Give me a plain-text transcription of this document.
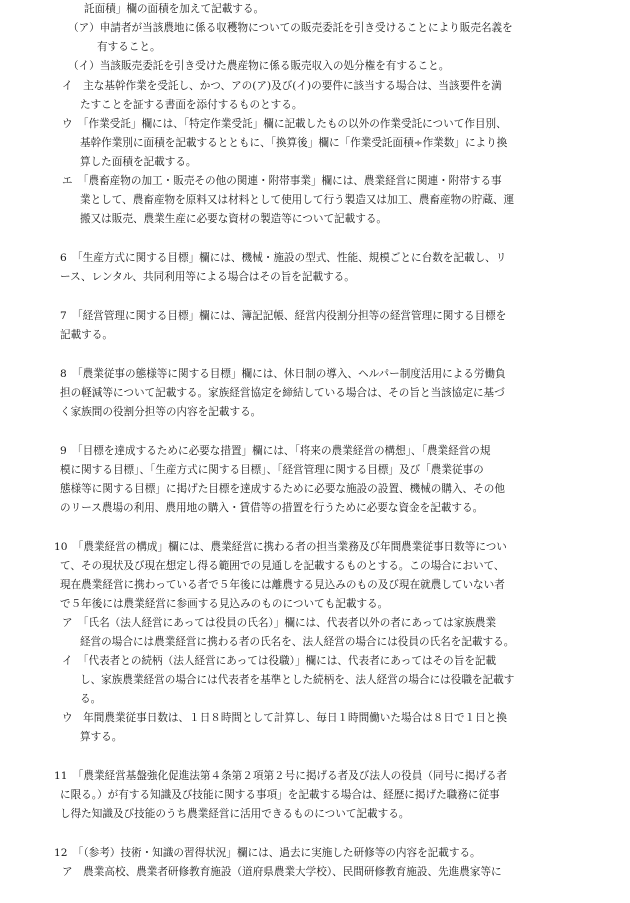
託面積」欄の面積を加えて記載する。
（ア）申請者が当該農地に係る収穫物についての販売委託を引き受けることにより販売名義を
有すること。
（イ）当該販売委託を引き受けた農産物に係る販売収入の処分権を有すること。
イ　主な基幹作業を受託し、かつ、アの(ア)及び(イ)の要件に該当する場合は、当該要件を満
たすことを証する書面を添付するものとする。
ウ　「作業受託」欄には、「特定作業受託」欄に記載したもの以外の作業受託について作目別、
基幹作業別に面積を記載するとともに、「換算後」欄に「作業受託面積÷作業数」により換
算した面積を記載する。
エ　「農畜産物の加工・販売その他の関連・附帯事業」欄には、農業経営に関連・附帯する事
業として、農畜産物を原料又は材料として使用して行う製造又は加工、農畜産物の貯蔵、運
搬又は販売、農業生産に必要な資材の製造等について記載する。
6　「生産方式に関する目標」欄には、機械・施設の型式、性能、規模ごとに台数を記載し、リ
ース、レンタル、共同利用等による場合はその旨を記載する。
7　「経営管理に関する目標」欄には、簿記記帳、経営内役割分担等の経営管理に関する目標を
記載する。
8　「農業従事の態様等に関する目標」欄には、休日制の導入、ヘルパー制度活用による労働負
担の軽減等について記載する。家族経営協定を締結している場合は、その旨と当該協定に基づ
く家族間の役割分担等の内容を記載する。
9　「目標を達成するために必要な措置」欄には、「将来の農業経営の構想」、「農業経営の規
模に関する目標」、「生産方式に関する目標」、「経営管理に関する目標」及び「農業従事の
態様等に関する目標」に掲げた目標を達成するために必要な施設の設置、機械の購入、その他
のリース農場の利用、農用地の購入・賃借等の措置を行うために必要な資金を記載する。
10　「農業経営の構成」欄には、農業経営に携わる者の担当業務及び年間農業従事日数等につい
て、その現状及び現在想定し得る範囲での見通しを記載するものとする。この場合において、
現在農業経営に携わっている者で５年後には離農する見込みのもの及び現在就農していない者
で５年後には農業経営に参画する見込みのものについても記載する。
ア　「氏名（法人経営にあっては役員の氏名）」欄には、代表者以外の者にあっては家族農業
経営の場合には農業経営に携わる者の氏名を、法人経営の場合には役員の氏名を記載する。
イ　「代表者との続柄（法人経営にあっては役職）」欄には、代表者にあってはその旨を記載
し、家族農業経営の場合には代表者を基準とした続柄を、法人経営の場合には役職を記載す
る。
ウ　年間農業従事日数は、１日８時間として計算し、毎日１時間働いた場合は８日で１日と換
算する。
11　「農業経営基盤強化促進法第４条第２項第２号に掲げる者及び法人の役員（同号に掲げる者
に限る。）が有する知識及び技能に関する事項」を記載する場合は、経歴に掲げた職務に従事
し得た知識及び技能のうち農業経営に活用できるものについて記載する。
12　「（参考）技術・知識の習得状況」欄には、過去に実施した研修等の内容を記載する。
ア　農業高校、農業者研修教育施設（道府県農業大学校）、民間研修教育施設、先進農家等に
